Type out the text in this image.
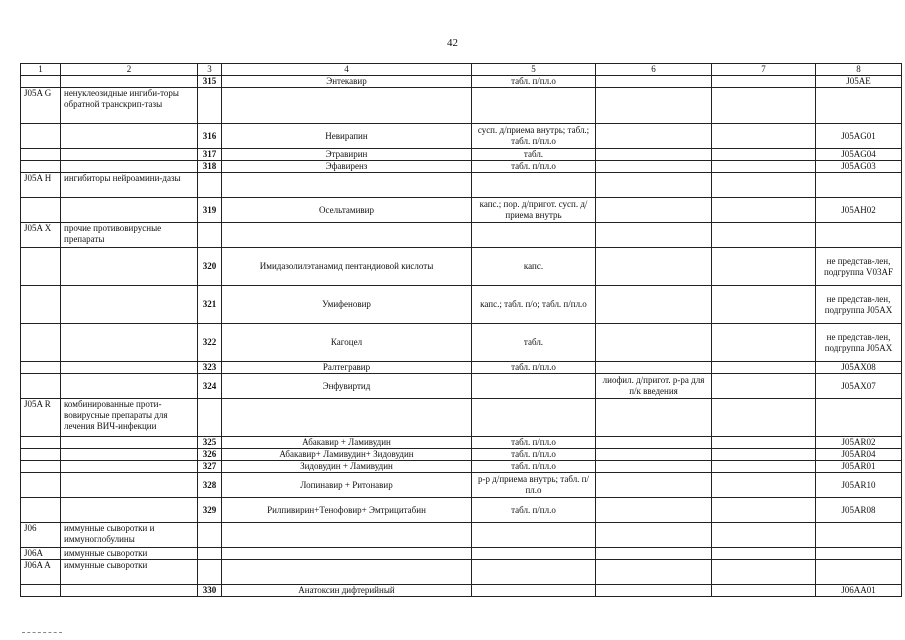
42
1	2	3	4	5	6	7	8
		315	Энтекавир	табл. п/пл.о			J05AE
J05A G	ненуклеозидные ингиби-торы обратной транскрип-тазы						
		316	Невирапин	сусп. д/приема внутрь; табл.; табл. п/пл.о			J05AG01
		317	Этравирин	табл.			J05AG04
		318	Эфавиренз	табл. п/пл.о			J05AG03
J05A H	ингибиторы нейроамини-дазы						
		319	Осельтамивир	капс.; пор. д/пригот. сусп. д/приема внутрь			J05AH02
J05A X	прочие противовирусные препараты						
		320	Имидазолилэтанамид пентандиовой кислоты	капс.			не представ-лен, подгруппа V03AF
		321	Умифеновир	капс.; табл. п/о; табл. п/пл.о			не представ-лен, подгруппа J05AX
		322	Кагоцел	табл.			не представ-лен, подгруппа J05AX
		323	Ралтегравир	табл. п/пл.о			J05AX08
		324	Энфувиртид		лиофил. д/пригот. р-ра для п/к введения		J05AX07
J05A R	комбинированные проти-вовирусные препараты для лечения ВИЧ-инфекции						
		325	Абакавир + Ламивудин	табл. п/пл.о			J05AR02
		326	Абакавир+ Ламивудин+ Зидовудин	табл. п/пл.о			J05AR04
		327	Зидовудин + Ламивудин	табл. п/пл.о			J05AR01
		328	Лопинавир + Ритонавир	р-р д/приема внутрь; табл. п/пл.о			J05AR10
		329	Рилпивирин+Тенофовир+ Эмтрицитабин	табл. п/пл.о			J05AR08
J06	иммунные сыворотки и иммуноглобулины						
J06A	иммунные сыворотки						
J06A A	иммунные сыворотки						
		330	Анатоксин дифтерийный				J06AA01
